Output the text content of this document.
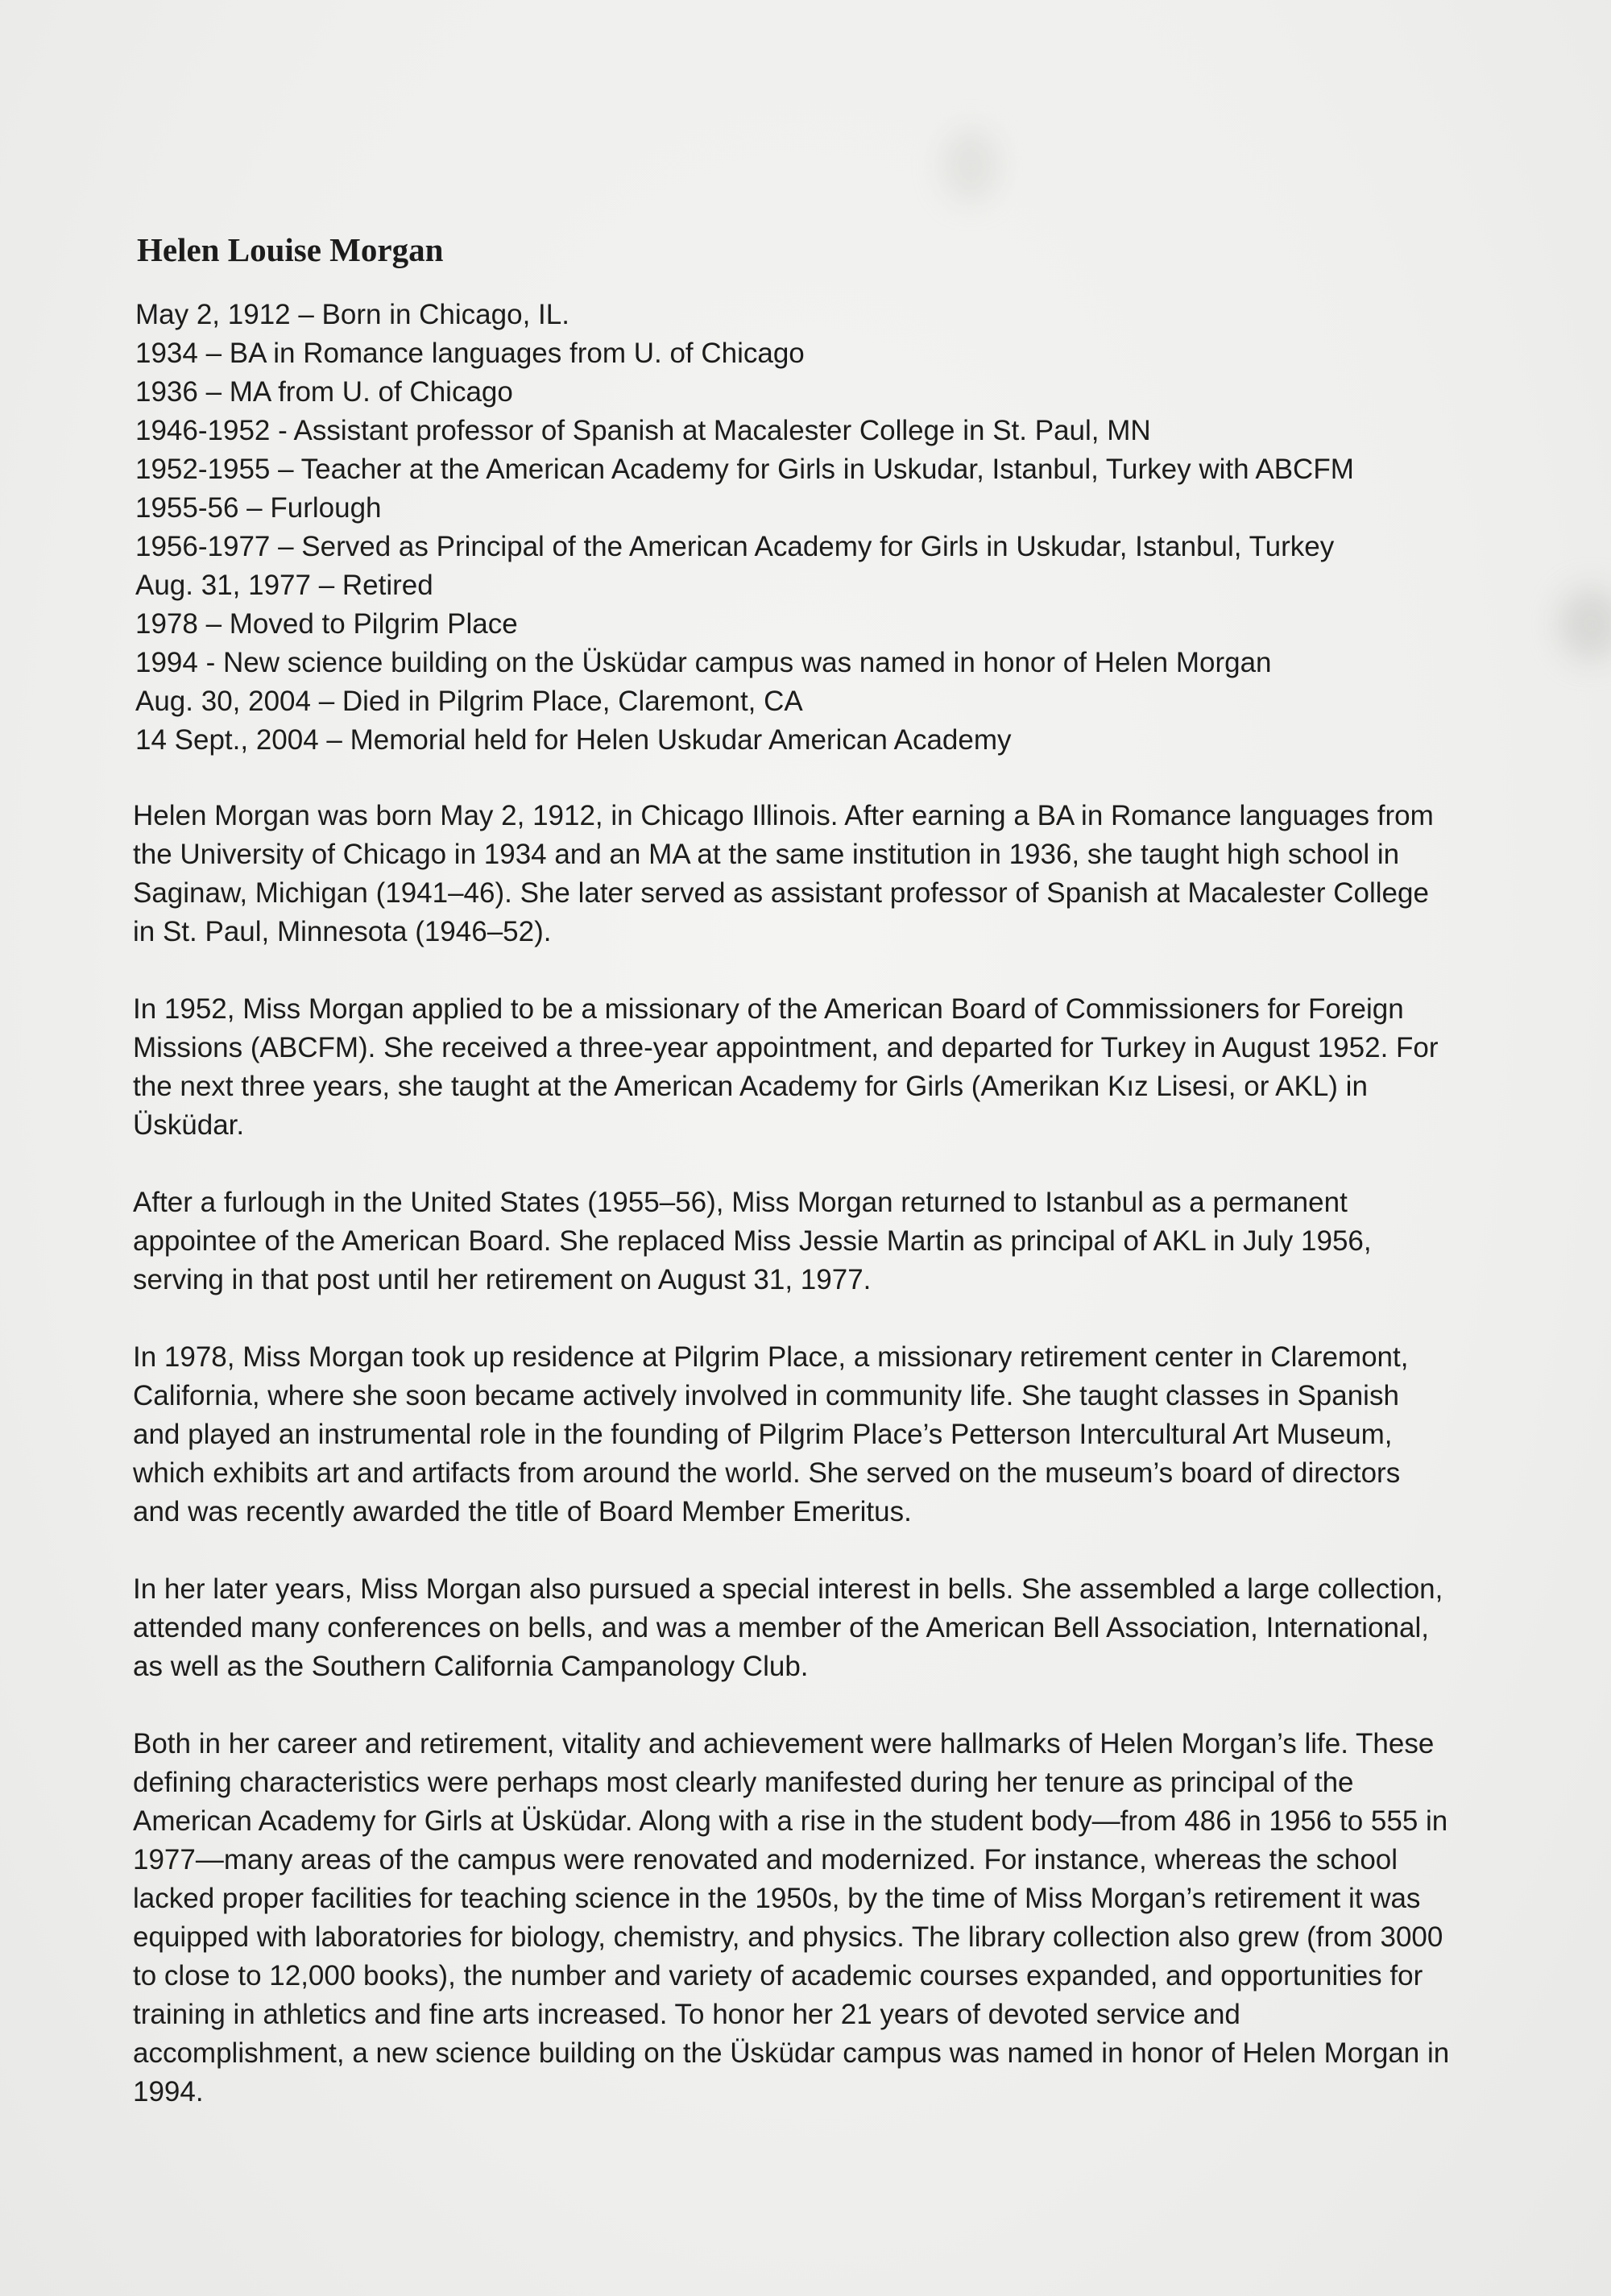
Helen Louise Morgan
May 2, 1912 – Born in Chicago, IL.
1934 – BA in Romance languages from U. of Chicago
1936 – MA from U. of Chicago
1946-1952 - Assistant professor of Spanish at Macalester College in St. Paul, MN
1952-1955 – Teacher at the American Academy for Girls in Uskudar, Istanbul, Turkey with ABCFM
1955-56 – Furlough
1956-1977 – Served as Principal of the American Academy for Girls in Uskudar, Istanbul, Turkey
Aug. 31, 1977 – Retired
1978 – Moved to Pilgrim Place
1994 - New science building on the Üsküdar campus was named in honor of Helen Morgan
Aug. 30, 2004 – Died in Pilgrim Place, Claremont, CA
14 Sept., 2004 – Memorial held for Helen Uskudar American Academy

Helen Morgan was born May 2, 1912, in Chicago Illinois. After earning a BA in Romance languages from the University of Chicago in 1934 and an MA at the same institution in 1936, she taught high school in Saginaw, Michigan (1941–46). She later served as assistant professor of Spanish at Macalester College in St. Paul, Minnesota (1946–52).

In 1952, Miss Morgan applied to be a missionary of the American Board of Commissioners for Foreign Missions (ABCFM). She received a three-year appointment, and departed for Turkey in August 1952. For the next three years, she taught at the American Academy for Girls (Amerikan Kız Lisesi, or AKL) in Üsküdar.

After a furlough in the United States (1955–56), Miss Morgan returned to Istanbul as a permanent appointee of the American Board. She replaced Miss Jessie Martin as principal of AKL in July 1956, serving in that post until her retirement on August 31, 1977.

In 1978, Miss Morgan took up residence at Pilgrim Place, a missionary retirement center in Claremont, California, where she soon became actively involved in community life. She taught classes in Spanish and played an instrumental role in the founding of Pilgrim Place’s Petterson Intercultural Art Museum, which exhibits art and artifacts from around the world. She served on the museum’s board of directors and was recently awarded the title of Board Member Emeritus.

In her later years, Miss Morgan also pursued a special interest in bells. She assembled a large collection, attended many conferences on bells, and was a member of the American Bell Association, International, as well as the Southern California Campanology Club.

Both in her career and retirement, vitality and achievement were hallmarks of Helen Morgan’s life. These defining characteristics were perhaps most clearly manifested during her tenure as principal of the American Academy for Girls at Üsküdar. Along with a rise in the student body—from 486 in 1956 to 555 in 1977—many areas of the campus were renovated and modernized. For instance, whereas the school lacked proper facilities for teaching science in the 1950s, by the time of Miss Morgan’s retirement it was equipped with laboratories for biology, chemistry, and physics. The library collection also grew (from 3000 to close to 12,000 books), the number and variety of academic courses expanded, and opportunities for training in athletics and fine arts increased. To honor her 21 years of devoted service and accomplishment, a new science building on the Üsküdar campus was named in honor of Helen Morgan in 1994.
